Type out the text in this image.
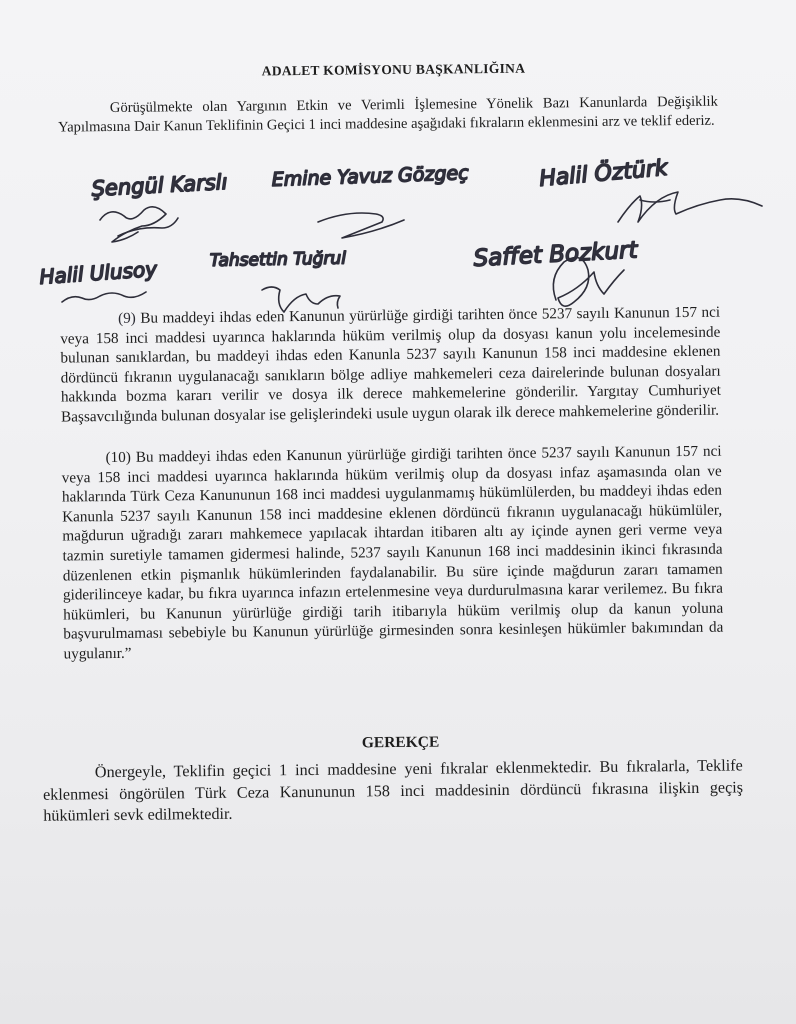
ADALET KOMİSYONU BAŞKANLIĞINA
Görüşülmekte olan Yargının Etkin ve Verimli İşlemesine Yönelik Bazı Kanunlarda Değişiklik Yapılmasına Dair Kanun Teklifinin Geçici 1 inci maddesine aşağıdaki fıkraların eklenmesini arz ve teklif ederiz.

(9) Bu maddeyi ihdas eden Kanunun yürürlüğe girdiği tarihten önce 5237 sayılı Kanunun 157 nci veya 158 inci maddesi uyarınca haklarında hüküm verilmiş olup da dosyası kanun yolu incelemesinde bulunan sanıklardan, bu maddeyi ihdas eden Kanunla 5237 sayılı Kanunun 158 inci maddesine eklenen dördüncü fıkranın uygulanacağı sanıkların bölge adliye mahkemeleri ceza dairelerinde bulunan dosyaları hakkında bozma kararı verilir ve dosya ilk derece mahkemelerine gönderilir. Yargıtay Cumhuriyet Başsavcılığında bulunan dosyalar ise gelişlerindeki usule uygun olarak ilk derece mahkemelerine gönderilir.

(10) Bu maddeyi ihdas eden Kanunun yürürlüğe girdiği tarihten önce 5237 sayılı Kanunun 157 nci veya 158 inci maddesi uyarınca haklarında hüküm verilmiş olup da dosyası infaz aşamasında olan ve haklarında Türk Ceza Kanununun 168 inci maddesi uygulanmamış hükümlülerden, bu maddeyi ihdas eden Kanunla 5237 sayılı Kanunun 158 inci maddesine eklenen dördüncü fıkranın uygulanacağı hükümlüler, mağdurun uğradığı zararı mahkemece yapılacak ihtardan itibaren altı ay içinde aynen geri verme veya tazmin suretiyle tamamen gidermesi halinde, 5237 sayılı Kanunun 168 inci maddesinin ikinci fıkrasında düzenlenen etkin pişmanlık hükümlerinden faydalanabilir. Bu süre içinde mağdurun zararı tamamen giderilinceye kadar, bu fıkra uyarınca infazın ertelenmesine veya durdurulmasına karar verilemez. Bu fıkra hükümleri, bu Kanunun yürürlüğe girdiği tarih itibarıyla hüküm verilmiş olup da kanun yoluna başvurulmaması sebebiyle bu Kanunun yürürlüğe girmesinden sonra kesinleşen hükümler bakımından da uygulanır.”

GEREKÇE
Önergeyle, Teklifin geçici 1 inci maddesine yeni fıkralar eklenmektedir. Bu fıkralarla, Teklife eklenmesi öngörülen Türk Ceza Kanununun 158 inci maddesinin dördüncü fıkrasına ilişkin geçiş hükümleri sevk edilmektedir.
Şengül Karslı Emine Yavuz Gözgeç	Halil Öztürk
Tahsettin Tuğrul	Saffet Bozkurt
Halil Ulusoy
